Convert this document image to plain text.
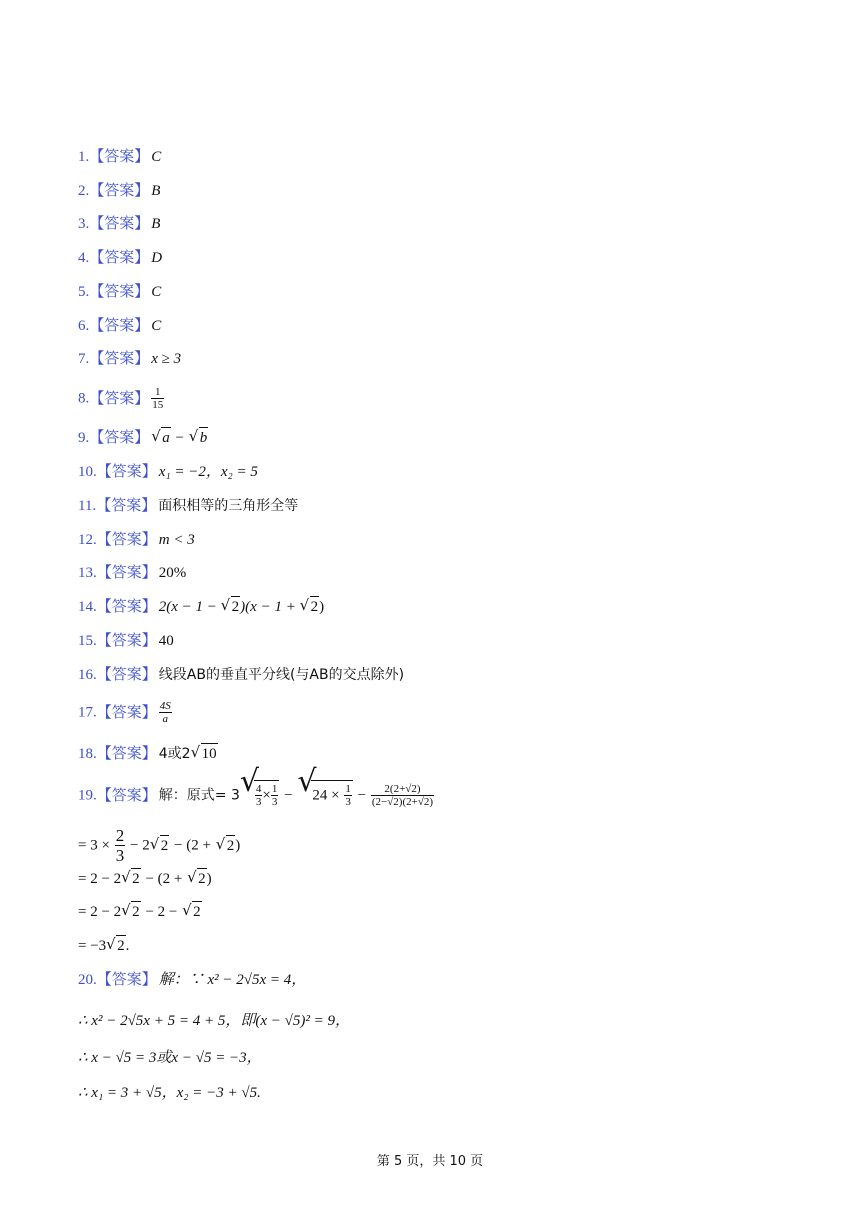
1.【答案】 C
2.【答案】 B
3.【答案】 B
4.【答案】 D
5.【答案】 C
6.【答案】 C
7.【答案】 x ≥ 3
8.【答案】 $\frac{1}{15}$
9.【答案】√ a − √ b
10.【答案】 x₁ = −2，x₂ = 5
11.【答案】 面积相等的三角形全等
12.【答案】 m < 3
13.【答案】 20%
14.【答案】 2(x − 1 − √ 2)(x − 1 + √ 2)
15.【答案】 40
16.【答案】 线段AB的垂直平分线(与AB的交点除外)
17.【答案】 $\frac{4S}{a}$
18.【答案】 4或2√ 10
19.【答案】 解：原式= 3
√ $\frac{4}{3} \times \frac{1}{3}$ − √ $24 \times \frac{1}{3} - \frac{2(2+√2)}{(2-√2)(2+√2)}$
= $3 \times \frac{2}{3} - 2√$ 2 − (2 + √ 2)
= 2 − 2√ 2 − (2 + √ 2)
= 2 − 2√ 2 − 2 − √ 2
= −3√ 2.
20.【答案】 解：∵ x² − 2√5x = 4，
∴ x² − 2√5x + 5 = 4 + 5，即(x − √5)² = 9，
∴ x − √5 = 3或x − √5 = −3，
∴ x₁ = 3 + √5，x₂ = −3 + √5.
第 5 页，共 10 页
